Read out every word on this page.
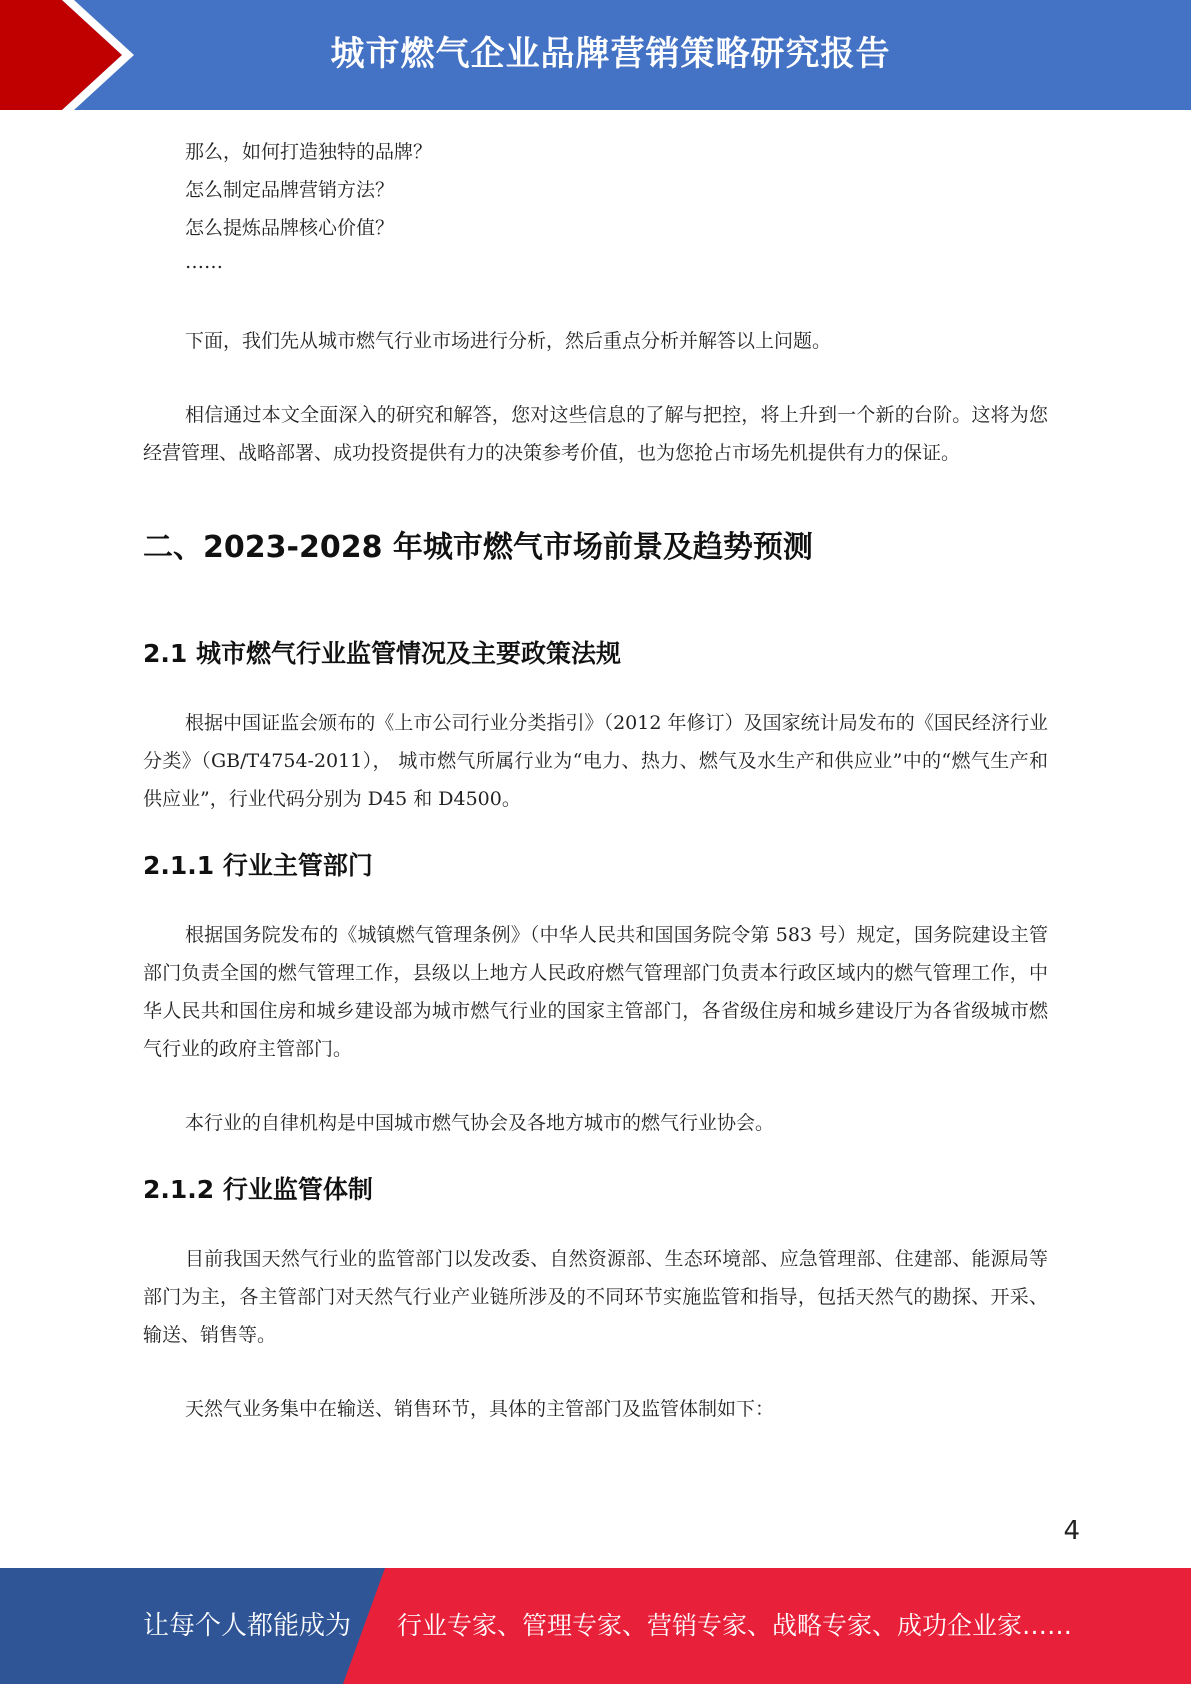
城市燃气企业品牌营销策略研究报告

那么，如何打造独特的品牌？

怎么制定品牌营销方法？

怎么提炼品牌核心价值？

……

下面，我们先从城市燃气行业市场进行分析，然后重点分析并解答以上问题。

相信通过本文全面深入的研究和解答，您对这些信息的了解与把控，将上升到一个新的台阶。这将为您经营管理、战略部署、成功投资提供有力的决策参考价值，也为您抢占市场先机提供有力的保证。

二、2023-2028 年城市燃气市场前景及趋势预测
2.1 城市燃气行业监管情况及主要政策法规

根据中国证监会颁布的《上市公司行业分类指引》（2012 年修订）及国家统计局发布的《国民经济行业分类》（GB/T4754-2011）， 城市燃气所属行业为“电力、热力、燃气及水生产和供应业”中的“燃气生产和供应业”，行业代码分别为 D45 和 D4500。

2.1.1 行业主管部门

根据国务院发布的《城镇燃气管理条例》（中华人民共和国国务院令第 583 号）规定，国务院建设主管部门负责全国的燃气管理工作，县级以上地方人民政府燃气管理部门负责本行政区域内的燃气管理工作，中华人民共和国住房和城乡建设部为城市燃气行业的国家主管部门，各省级住房和城乡建设厅为各省级城市燃气行业的政府主管部门。

本行业的自律机构是中国城市燃气协会及各地方城市的燃气行业协会。

2.1.2 行业监管体制

目前我国天然气行业的监管部门以发改委、自然资源部、生态环境部、应急管理部、住建部、能源局等部门为主，各主管部门对天然气行业产业链所涉及的不同环节实施监管和指导，包括天然气的勘探、开采、输送、销售等。

天然气业务集中在输送、销售环节，具体的主管部门及监管体制如下：

4
让每个人都能成为 行业专家、管理专家、营销专家、战略专家、成功企业家……
